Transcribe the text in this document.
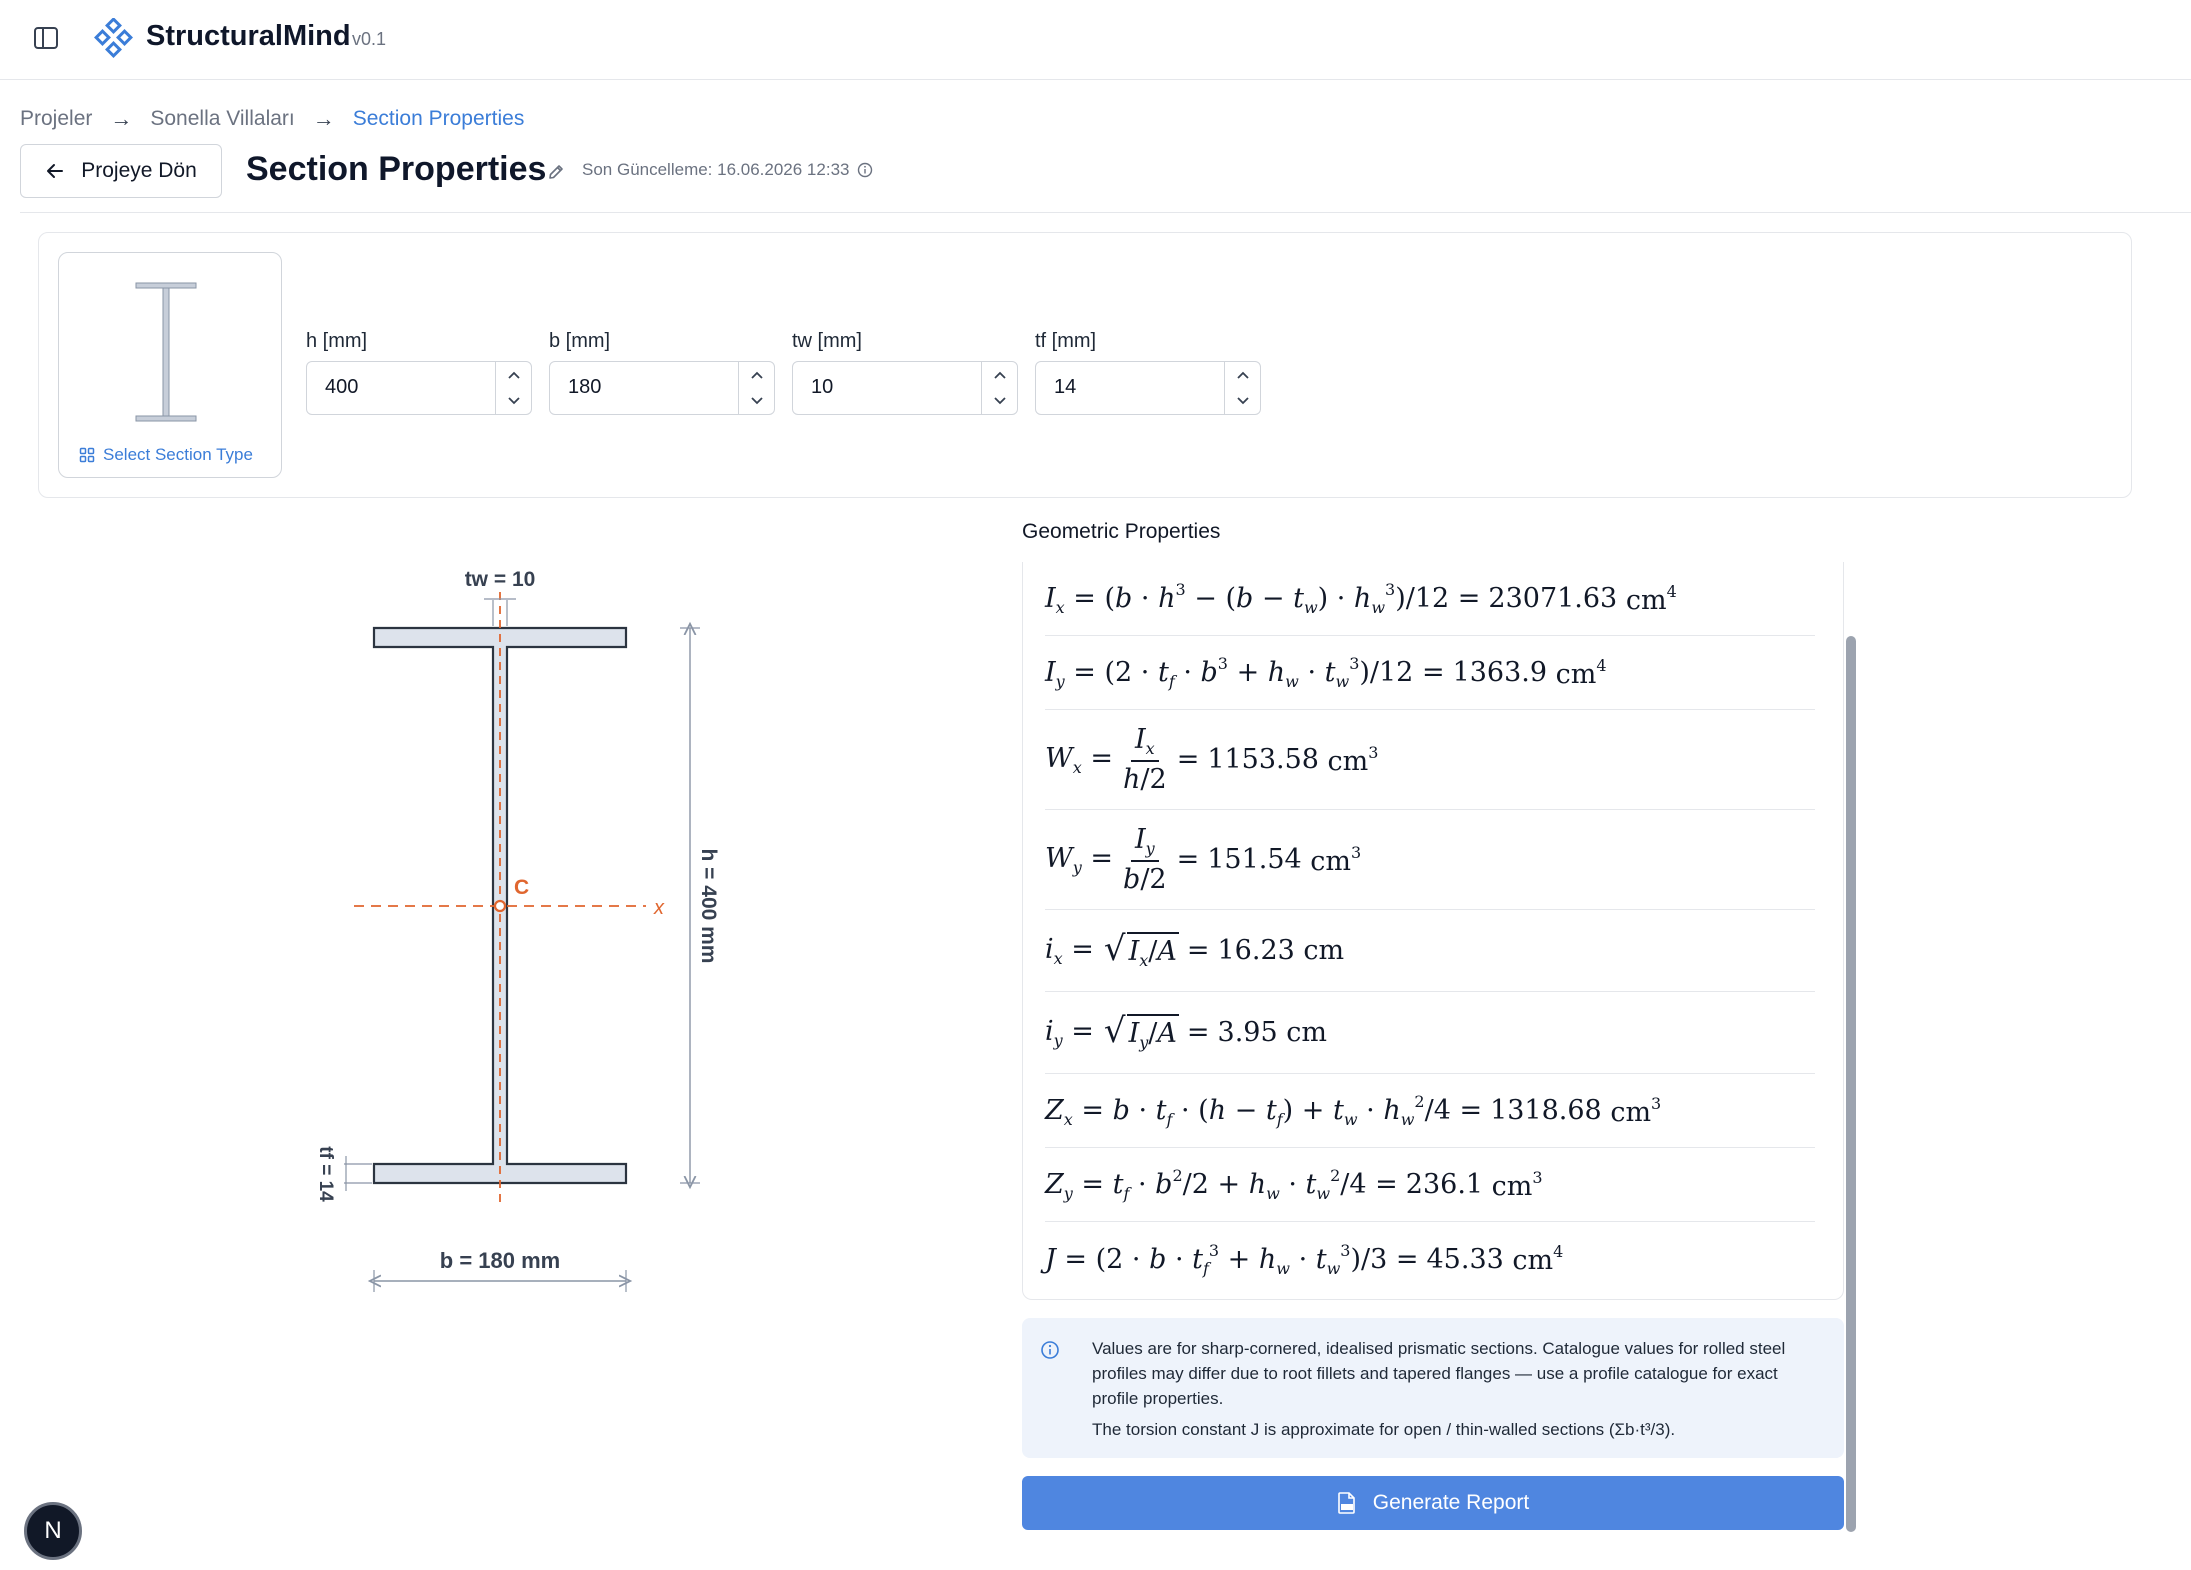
StructuralMind v0.1
Projeler → Sonella Villaları → Section Properties
Projeye Dön Section Properties Son Güncelleme: 16.06.2026 12:33
Select Section Type
h [mm]
400
b [mm]
180
tw [mm]
10
tf [mm]
14
C
x
tw = 10
h = 400 mm
b = 180 mm
tf = 14
Geometric Properties
$I_x = (b \cdot h^3 - (b - t_w) \cdot h_w^3)/12 = 23071.63$ $cm^4$
$I_y = (2 \cdot t_f \cdot b^3 + h_w \cdot t_w^3)/12 = 1363.9$ $cm^4$
$W_x = \frac{I_x}{h/2} = 1153.58$ $cm^3$
$W_y = \frac{I_y}{b/2} = 151.54$ $cm^3$
$i_x$ = √ $I_x/A = 16.23$ cm
$i_y$ = √ $I_y/A = 3.95$ cm
$Z_x = b \cdot t_f \cdot (h - t_f) + t_w \cdot h_w^2/4 = 1318.68$ $cm^3$
$Z_y = t_f \cdot b^2/2 + h_w \cdot t_w^2/4 = 236.1$ $cm^3$
$J = (2 \cdot b \cdot t_f^3 + h_w \cdot t_w^3)/3 = 45.33$ $cm^4$

Values are for sharp-cornered, idealised prismatic sections. Catalogue values for rolled steel profiles may differ due to root fillets and tapered flanges — use a profile catalogue for exact profile properties.

The torsion constant J is approximate for open / thin-walled sections (Σb·t³/3).

Generate Report
N
